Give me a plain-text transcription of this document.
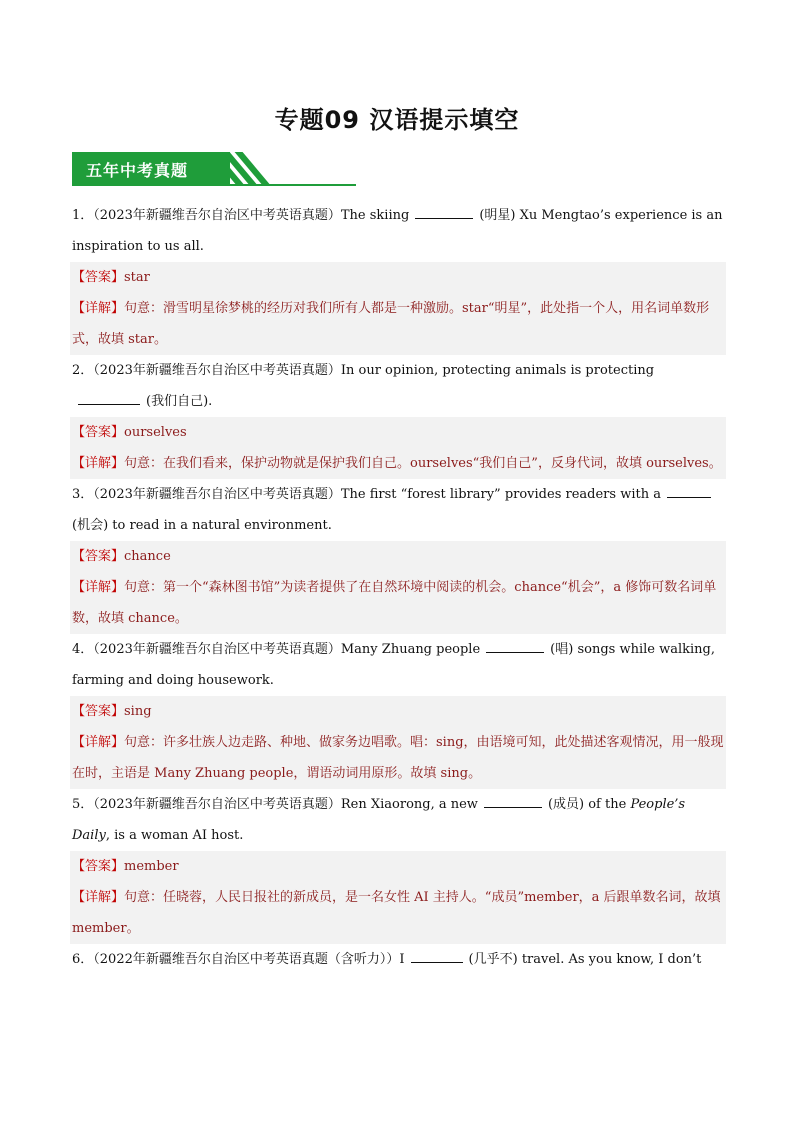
专题09 汉语提示填空
五年中考真题
1．（2023年新疆维吾尔自治区中考英语真题）The skiing	(明星) Xu Mengtao’s experience is an inspiration to us all.
【答案】star
【详解】句意：滑雪明星徐梦桃的经历对我们所有人都是一种激励。star“明星”，此处指一个人，用名词单数形式，故填 star。
2．（2023年新疆维吾尔自治区中考英语真题）In our opinion, protecting animals is protecting(我们自己).
【答案】ourselves
【详解】句意：在我们看来，保护动物就是保护我们自己。ourselves“我们自己”，反身代词，故填 ourselves。
3．（2023年新疆维吾尔自治区中考英语真题）The first “forest library” provides readers with a(机会) to read in a natural environment.
【答案】chance
【详解】句意：第一个“森林图书馆”为读者提供了在自然环境中阅读的机会。chance“机会”，a 修饰可数名词单数，故填 chance。
4．（2023年新疆维吾尔自治区中考英语真题）Many Zhuang people	(唱) songs while walking, farming and doing housework.
【答案】sing
【详解】句意：许多壮族人边走路、种地、做家务边唱歌。唱：sing，由语境可知，此处描述客观情况，用一般现在时，主语是 Many Zhuang people，谓语动词用原形。故填 sing。
5．（2023年新疆维吾尔自治区中考英语真题）Ren Xiaorong, a new	(成员) of the People’s Daily, is a woman AI host.
【答案】member
【详解】句意：任晓蓉，人民日报社的新成员，是一名女性 AI 主持人。“成员”member，a 后跟单数名词，故填 member。
6．（2022年新疆维吾尔自治区中考英语真题（含听力））I	(几乎不) travel. As you know, I don’t
